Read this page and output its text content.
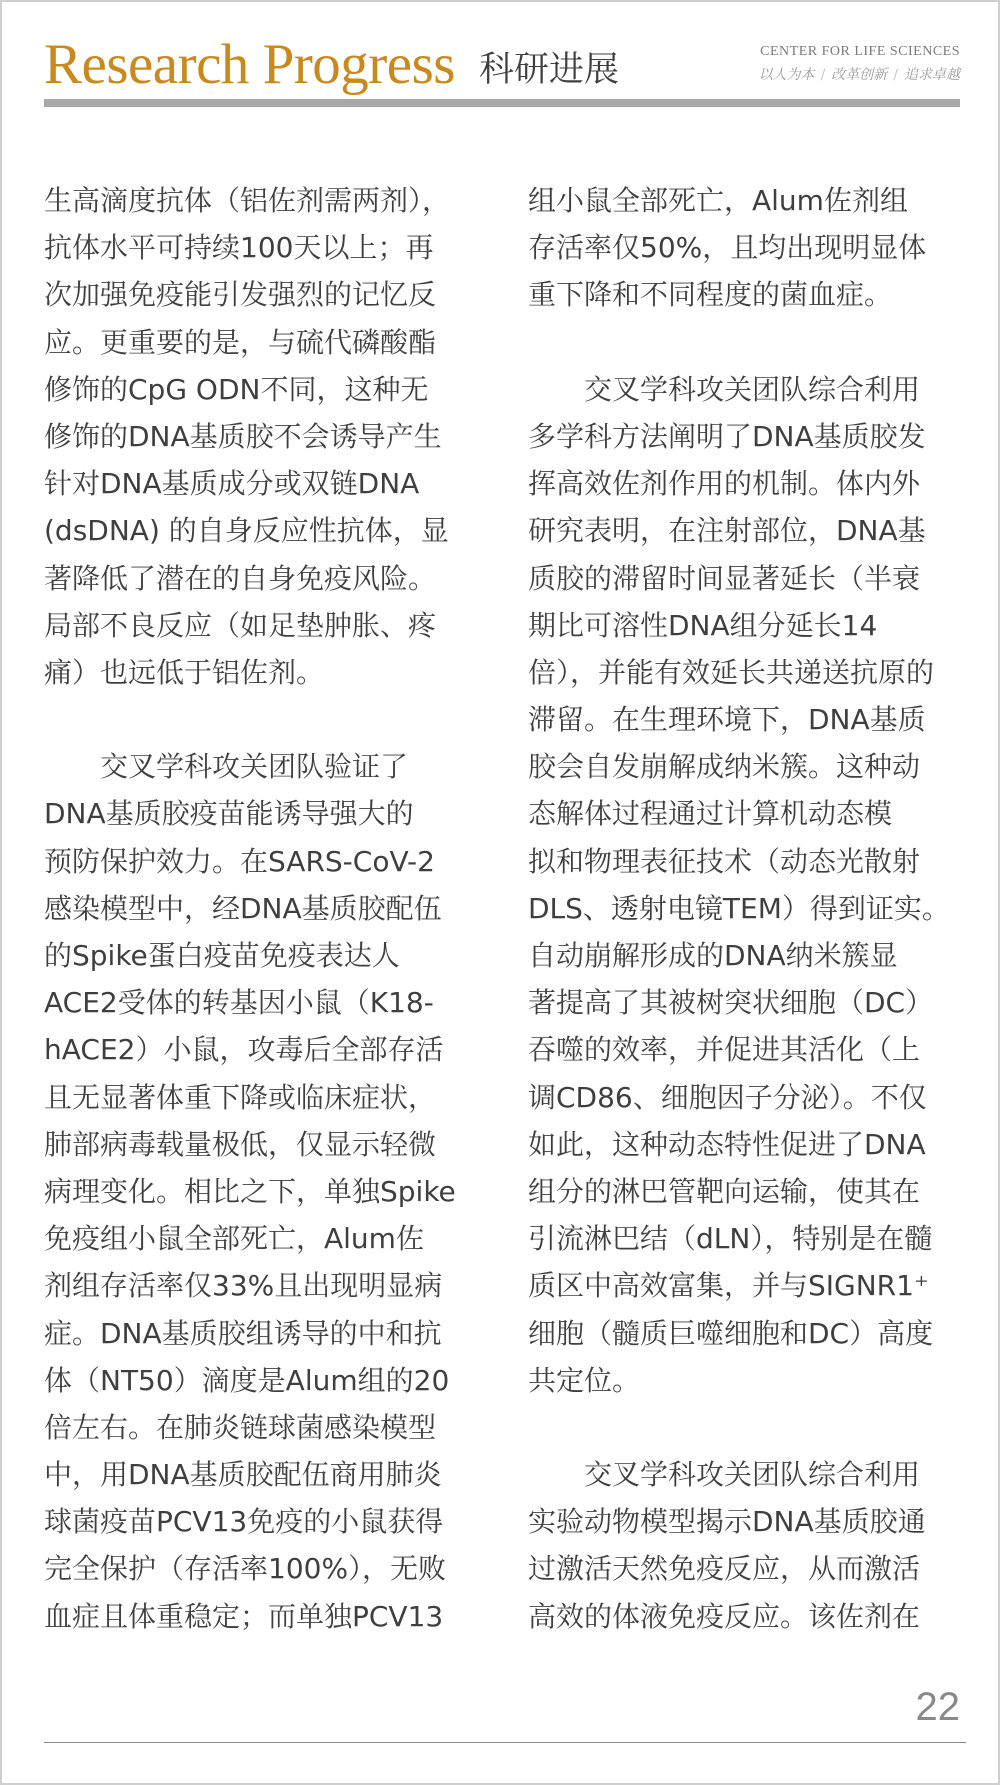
Research Progress 科研进展	CENTER FOR LIFE SCIENCES
以人为本 ∕ 改革创新 ∕ 追求卓越
生高滴度抗体（铝佐剂需两剂），
抗体水平可持续100天以上；再
次加强免疫能引发强烈的记忆反
应。更重要的是，与硫代磷酸酯
修饰的CpG ODN不同，这种无
修饰的DNA基质胶不会诱导产生
针对DNA基质成分或双链DNA
(dsDNA) 的自身反应性抗体，显
著降低了潜在的自身免疫风险。
局部不良反应（如足垫肿胀、疼
痛）也远低于铝佐剂。
　　交叉学科攻关团队验证了
DNA基质胶疫苗能诱导强大的
预防保护效力。在SARS-CoV-2
感染模型中，经DNA基质胶配伍
的Spike蛋白疫苗免疫表达人
ACE2受体的转基因小鼠（K18-
hACE2）小鼠，攻毒后全部存活
且无显著体重下降或临床症状，
肺部病毒载量极低，仅显示轻微
病理变化。相比之下，单独Spike
免疫组小鼠全部死亡，Alum佐
剂组存活率仅33%且出现明显病
症。DNA基质胶组诱导的中和抗
体（NT50）滴度是Alum组的20
倍左右。在肺炎链球菌感染模型
中，用DNA基质胶配伍商用肺炎
球菌疫苗PCV13免疫的小鼠获得
完全保护（存活率100%），无败
血症且体重稳定；而单独PCV13
组小鼠全部死亡，Alum佐剂组
存活率仅50%，且均出现明显体
重下降和不同程度的菌血症。
　　交叉学科攻关团队综合利用
多学科方法阐明了DNA基质胶发
挥高效佐剂作用的机制。体内外
研究表明，在注射部位，DNA基
质胶的滞留时间显著延长（半衰
期比可溶性DNA组分延长14
倍），并能有效延长共递送抗原的
滞留。在生理环境下，DNA基质
胶会自发崩解成纳米簇。这种动
态解体过程通过计算机动态模
拟和物理表征技术（动态光散射
DLS、透射电镜TEM）得到证实。
自动崩解形成的DNA纳米簇显
著提高了其被树突状细胞（DC）
吞噬的效率，并促进其活化（上
调CD86、细胞因子分泌）。不仅
如此，这种动态特性促进了DNA
组分的淋巴管靶向运输，使其在
引流淋巴结（dLN），特别是在髓
质区中高效富集，并与SIGNR1⁺
细胞（髓质巨噬细胞和DC）高度
共定位。
　　交叉学科攻关团队综合利用
实验动物模型揭示DNA基质胶通
过激活天然免疫反应，从而激活
高效的体液免疫反应。该佐剂在
22
